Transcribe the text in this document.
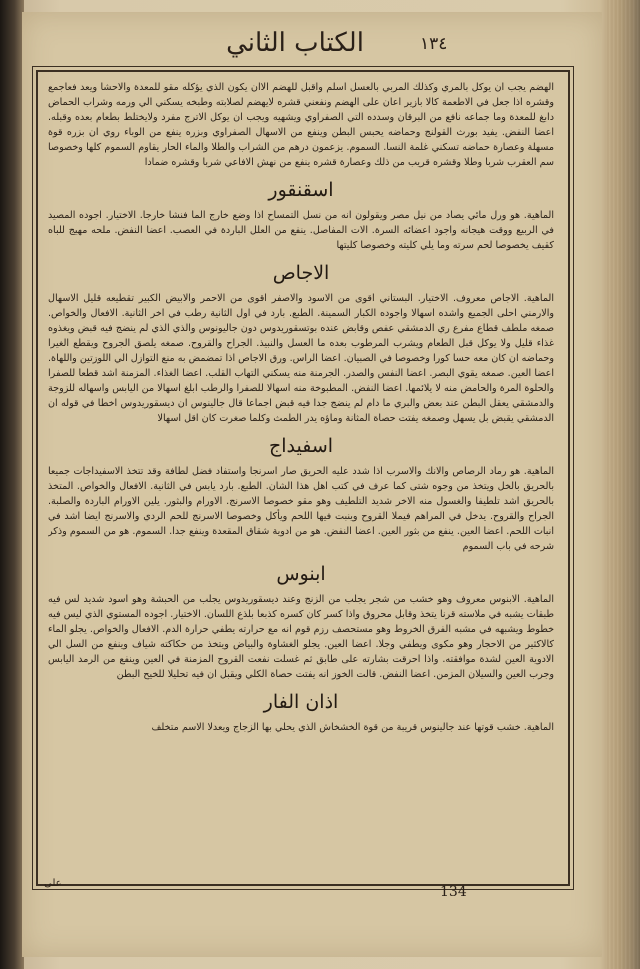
الكتاب الثاني	١٣٤

الهضم يجب ان يوكل بالمري وكذلك المربي بالعسل اسلم واقبل للهضم الاان يكون الذي يؤكله مقو للمعدة والاحشا ويعد فعاجمع وقشره اذا جعل في الاطعمة كالا بازير اعان على الهضم ونفعني قشره لايهضم لصلابته وطبخه يسكني الي ورمه وشراب الحماض دابغ للمعدة وما جماعه نافع من البرقان وسدده التي الصفراوي ويشهيه ويجب ان يوكل الاترج مفرد ولايختلط بطعام بعده وقبله. اعضا النفض. يفيد بورث القولنج وحماضه يحبس البطن وينفع من الاسهال الصفراوي وبزره ينفع من الوباء روي ان بزره قوة مسهلة وعصارة حماضه تسكني غلمة النسا. السموم. يزعمون درهم من الشراب والطلا والماء الحار يقاوم السموم كلها وخصوصا سم العقرب شربا وطلا وقشره قريب من ذلك وعصارة قشره ينفع من نهش الافاعي شربا وقشره ضمادا

اسقنقور

الماهية. هو ورل مائي يصاد من نيل مصر ويقولون انه من نسل التمساح اذا وضع خارج الما فنشا خارجا. الاختيار. اجوده المصيد في الربيع ووقت هيجانه واجود اعضائه السرة. الات المفاصل. ينفع من العلل الباردة في العصب. اعضا النفض. ملحه مهيج للباه كقيف يخصوصا لحم سرته وما يلي كليته وخصوصا كليتها

الاجاص

الماهية. الاجاص معروف. الاختيار. البستاني اقوى من الاسود والاصفر اقوى من الاحمر والابيض الكبير تقطيعه قليل الاسهال والارمني احلى الجميع واشده اسهالا واجوده الكبار السمينة. الطبع. بارد في اول الثانية رطب في اخر الثانية. الافعال والخواص. صمغه ملطف قطاع مفرع ري الدمشقي عفص وقابض عنده بوتسقوريدوس دون جاليونوس والذي الذي لم ينضج فيه قبض ويغذوه غذاء قليل ولا يوكل قبل الطعام ويشرب المرطوب بعده ما العسل والنبيذ. الجراح والقروح. صمغه يلصق الجروح ويقطع الغيرا وحماضه ان كان معه حسا كورا وخصوصا في الصبيان. اعضا الراس. ورق الاجاص اذا تمضمض به منع التوازل الي اللوزتين واللهاة. اعضا العين. صمغه يقوي البصر. اعضا النفس والصدر. الجرمنة منه يسكني التهاب القلب. اعضا الغذاء. المزمنة اشد قطعا للصفرا والحلوة المرة والحامض منه لا يلائمها. اعضا النفض. المطبوخة منه اسهالا للصفرا والرطب ابلغ اسهالا من اليابس واسهاله للزوجة والدمشقي يعقل البطن عند بعض والبري ما دام لم ينضج جدا فيه قبض اجماعا قال جالينوس ان ديسقوريدوس اخطا في قوله ان الدمشقي يقبض بل يسهل وصمغه يفتت حصاة المثانة وماؤه يدر الطمث وكلما صغرت كان اقل اسهالا

اسفيداج

الماهية. هو رماد الرصاص والانك والاسرب اذا شدد عليه الحريق صار اسرنجا واستفاد فضل لطافة وقد تتخذ الاسفيداجات جميعا بالحريق بالخل ويتخذ من وجوه شتى كما عرف في كتب اهل هذا الشان. الطبع. بارد يابس في الثانية. الافعال والخواص. المتخذ بالحريق اشد تلطيفا والغسول منه الاخر شديد التلطيف وهو مقو خصوصا الاسرنج. الاورام والبثور. يلين الاورام الباردة والصلبة. الجراح والقروح. يدخل في المراهم فيملا القروح وينبت فيها اللحم ويأكل وخصوصا الاسرنج للحم الردي والاسرنج ايضا اشد في انبات اللحم. اعضا العين. ينفع من بثور العين. اعضا النفض. هو من ادوية شقاق المقعدة وينفع جدا. السموم. هو من السموم وذكر شرحه في باب السموم

ابنوس

الماهية. الابنوس معروف وهو خشب من شجر يجلب من الزنج وعند ديسقوريدوس يجلب من الحبشة وهو اسود شديد لس فيه طبقات يشبه في ملاسته قرنا يتخذ وقابل محروق واذا كسر كان كسره كذبعا بلذع اللسان. الاختيار. اجوده المستوي الذي ليس فيه خطوط ويشبهه في مشبه الفرق الخروط وهو مستحصف رزم قوم انه مع حرارته يطفي حرارة الدم. الافعال والخواص. يجلو الماء كالاكثير من الاحجار وهو مكوى ويطفي وجلا. اعضا العين. يجلو الغشاوة والبياض ويتخذ من حكاكته شياف وينفع من السل الي الادوية العين لشدة موافقته. واذا احرقت بشارته على طابق ثم غسلت نفعت القروح المزمنة في العين وينفع من الرمد اليابس وجرب العين والسيلان المزمن. اعضا النفض. قالت الخوز انه يفتت حصاة الكلي ويقبل ان فيه تحليلا للخيح البطن

اذان الفار

الماهية. خشب قوتها عند جالينوس قريبة من قوة الخشخاش الذي يحلي بها الزجاج ويعدلا الاسم متخلف

على
134
